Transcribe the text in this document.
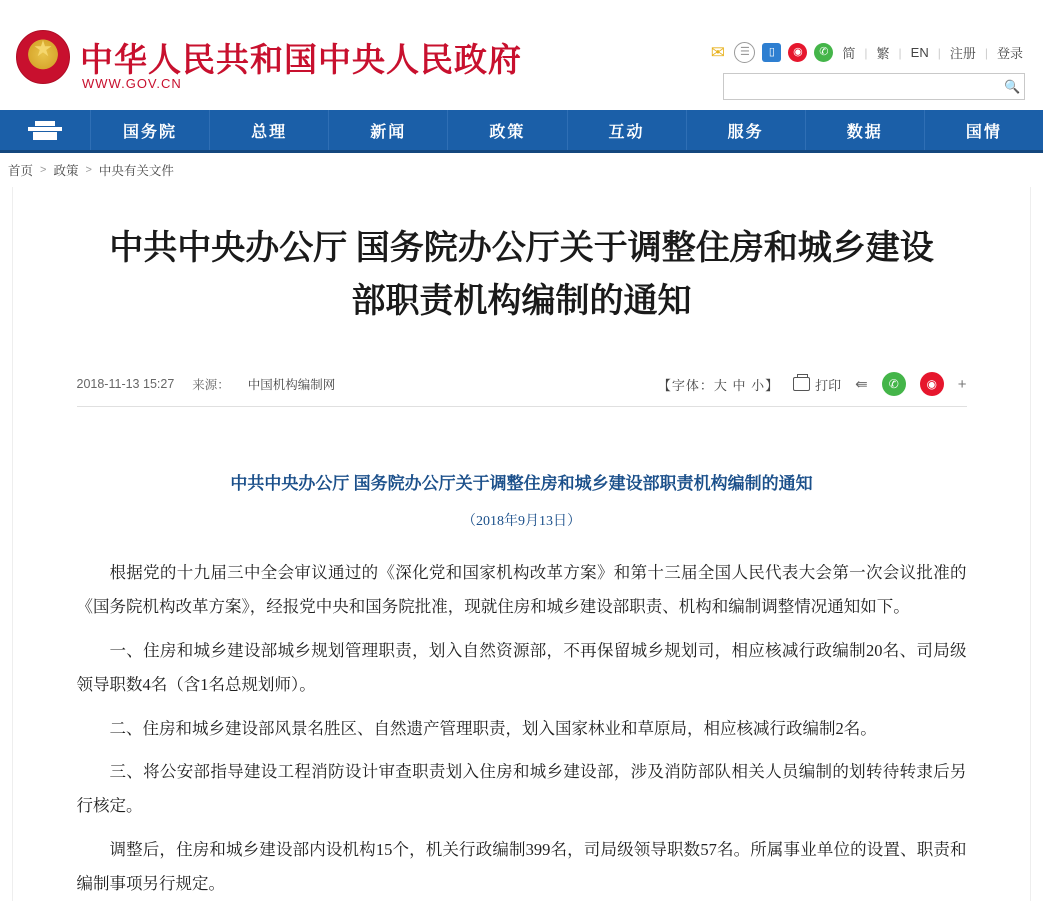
★
中华人民共和国中央人民政府
WWW.GOV.CN
✉	☰	▯	◉	✆	简 | 繁 | EN | 注册 | 登录
🔍
国务院	总理	新闻	政策	互动	服务	数据	国情
首页 > 政策 > 中央有关文件
中共中央办公厅 国务院办公厅关于调整住房和城乡建设部职责机构编制的通知
2018-11-13 15:27 来源： 中国机构编制网	【字体：大 中 小】	打印 ⇚	✆	◉	+
中共中央办公厅 国务院办公厅关于调整住房和城乡建设部职责机构编制的通知
（2018年9月13日）

根据党的十九届三中全会审议通过的《深化党和国家机构改革方案》和第十三届全国人民代表大会第一次会议批准的《国务院机构改革方案》，经报党中央和国务院批准，现就住房和城乡建设部职责、机构和编制调整情况通知如下。

一、住房和城乡建设部城乡规划管理职责，划入自然资源部，不再保留城乡规划司，相应核减行政编制20名、司局级领导职数4名（含1名总规划师）。

二、住房和城乡建设部风景名胜区、自然遗产管理职责，划入国家林业和草原局，相应核减行政编制2名。

三、将公安部指导建设工程消防设计审查职责划入住房和城乡建设部，涉及消防部队相关人员编制的划转待转隶后另行核定。

调整后，住房和城乡建设部内设机构15个，机关行政编制399名，司局级领导职数57名。所属事业单位的设置、职责和编制事项另行规定。
